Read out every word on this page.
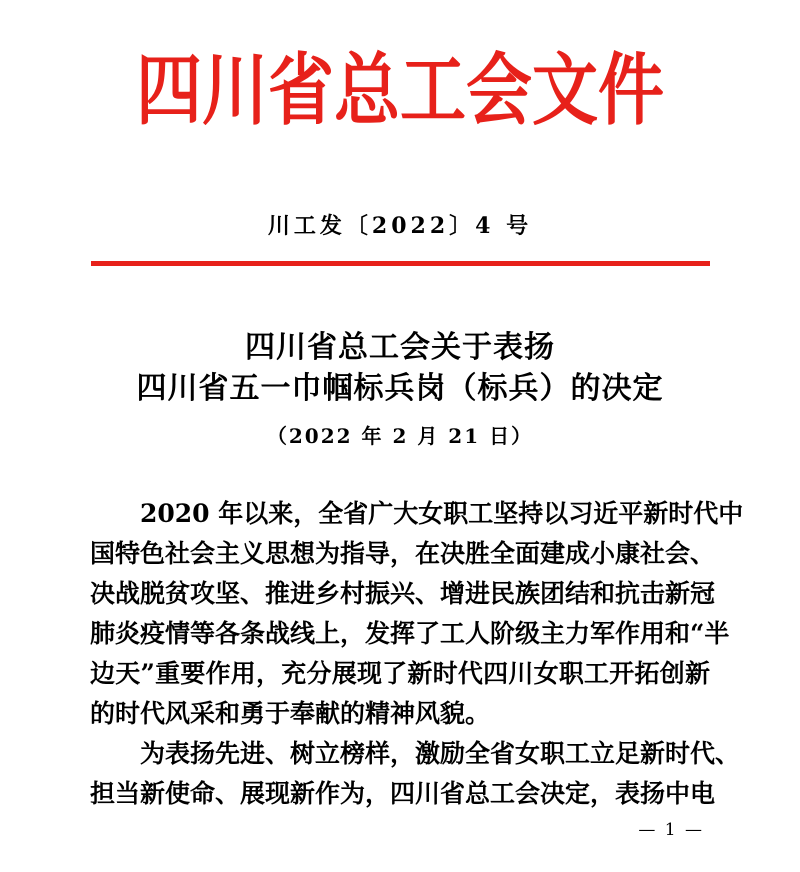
四川省总工会文件
川工发〔2022〕4 号
四川省总工会关于表扬
四川省五一巾帼标兵岗（标兵）的决定
（2022 年 2 月 21 日）
2020 年以来，全省广大女职工坚持以习近平新时代中
国特色社会主义思想为指导，在决胜全面建成小康社会、
决战脱贫攻坚、推进乡村振兴、增进民族团结和抗击新冠
肺炎疫情等各条战线上，发挥了工人阶级主力军作用和“半
边天”重要作用，充分展现了新时代四川女职工开拓创新
的时代风采和勇于奉献的精神风貌。
为表扬先进、树立榜样，激励全省女职工立足新时代、
担当新使命、展现新作为，四川省总工会决定，表扬中电
— 1 —
